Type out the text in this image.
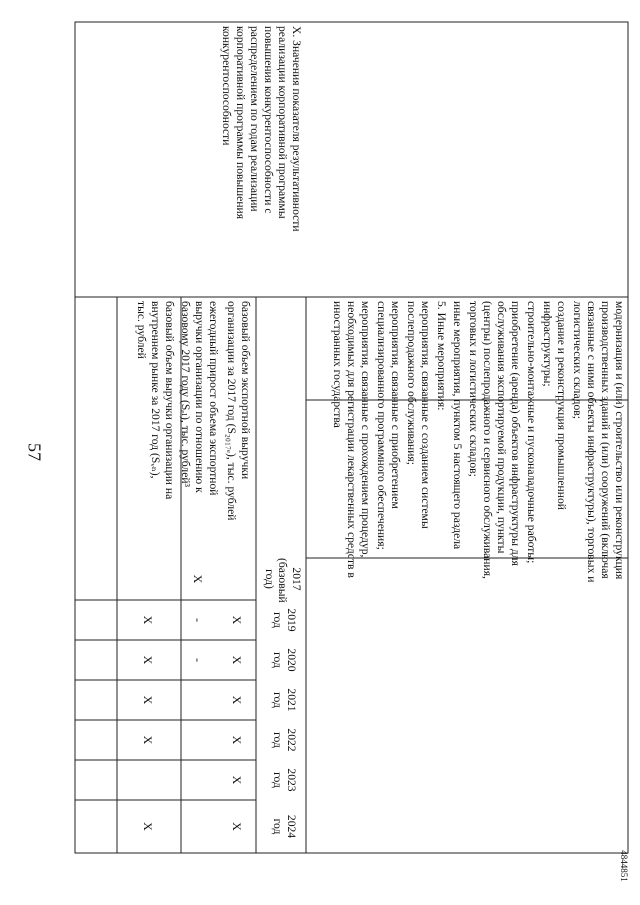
57
4844851
X. Значения показателя результативности
реализации корпоративной программы
повышения конкурентоспособности с
распределением по годам реализации
корпоративной программы повышения
конкурентоспособности
модернизация и (или) строительство или реконструкция
производственных зданий и (или) сооружений (включая
связанные с ними объекты инфраструктуры), торговых и
логистических складов;
создание и реконструкция промышленной
инфраструктуры;
строительно-монтажные и пусконаладочные работы;
приобретение (аренда) объектов инфраструктуры для
обслуживания экспортируемой продукции, пункты
(центры) послепродажного и сервисного обслуживания,
торговых и логистических складов;
иные мероприятия, пунктом 5 настоящего раздела
5. Иные мероприятия:
мероприятия, связанные с созданием системы
послепродажного обслуживания;
мероприятия, связанные с приобретением
специализированного программного обеспечения;
мероприятия, связанные с прохождением процедур,
необходимых для регистрации лекарственных средств в
иностранных государства
2017
(базовый
год)
2019
год
2020
год
2021
год
2022
год
2023
год
2024
год
базовый объем экспортной выручки
организации за 2017 год (S₂₀₁₇ₑ), тыс. рублей
ежегодный прирост объема экспортной
выручки организации по отношению к
базовому 2017 году (Sₑₗ), тыс. рублей³
базовый объем выручки организации на
внутреннем рынке за 2017 год (Sᵥₙ),
тыс. рублей
X
X
X
X
X
X
X
-
-
X
X
X
X
X
